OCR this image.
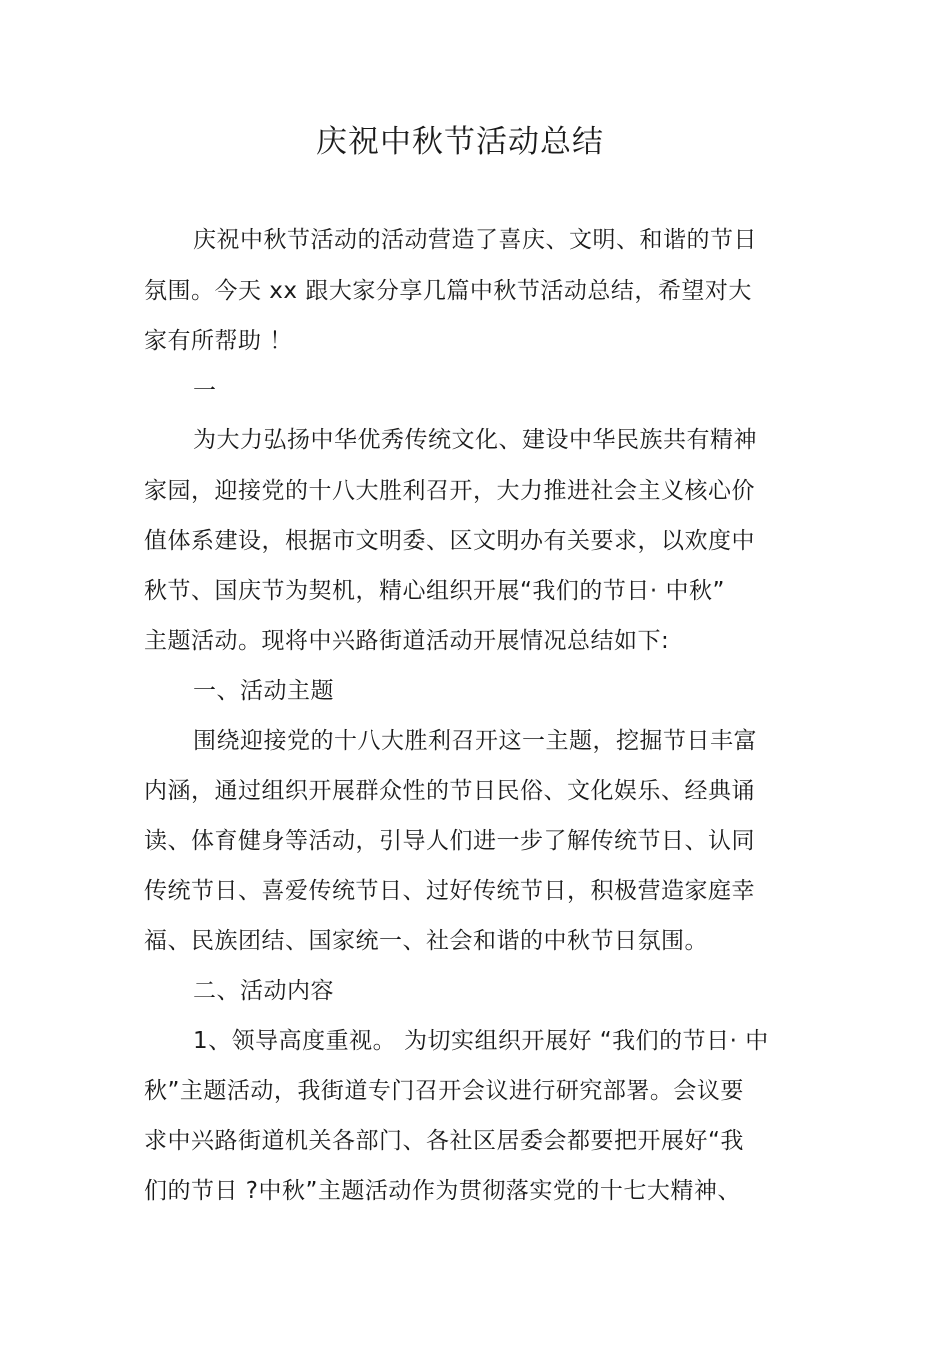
庆祝中秋节活动总结
庆祝中秋节活动的活动营造了喜庆、文明、和谐的节日
氛围。今天 xx 跟大家分享几篇中秋节活动总结，希望对大
家有所帮助 ！
一
为大力弘扬中华优秀传统文化、建设中华民族共有精神
家园，迎接党的十八大胜利召开，大力推进社会主义核心价
值体系建设，根据市文明委、区文明办有关要求，以欢度中
秋节、国庆节为契机，精心组织开展“我们的节日· 中秋”
主题活动。现将中兴路街道活动开展情况总结如下:
一、活动主题
围绕迎接党的十八大胜利召开这一主题，挖掘节日丰富
内涵，通过组织开展群众性的节日民俗、文化娱乐、经典诵
读、体育健身等活动，引导人们进一步了解传统节日、认同
传统节日、喜爱传统节日、过好传统节日，积极营造家庭幸
福、民族团结、国家统一、社会和谐的中秋节日氛围。
二、活动内容
1、领导高度重视。 为切实组织开展好 “我们的节日· 中
秋”主题活动，我街道专门召开会议进行研究部署。会议要
求中兴路街道机关各部门、各社区居委会都要把开展好“我
们的节日 ?中秋”主题活动作为贯彻落实党的十七大精神、
